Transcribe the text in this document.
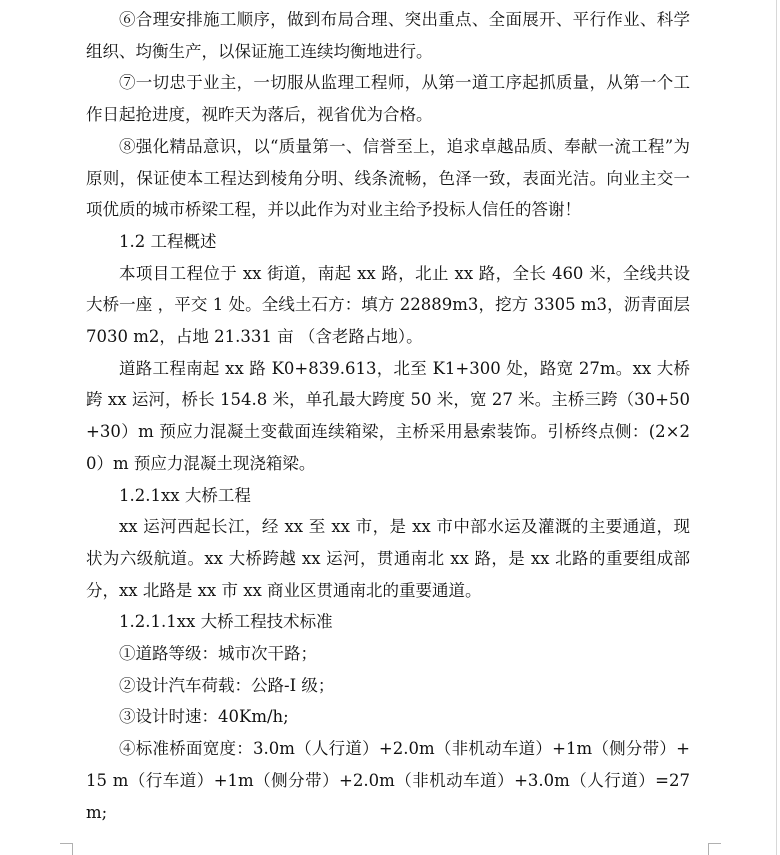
⑥合理安排施工顺序，做到布局合理、突出重点、全面展开、平行作业、科学组织、均衡生产，以保证施工连续均衡地进行。

⑦一切忠于业主，一切服从监理工程师，从第一道工序起抓质量，从第一个工作日起抢进度，视昨天为落后，视省优为合格。

⑧强化精品意识，以“质量第一、信誉至上，追求卓越品质、奉献一流工程”为原则，保证使本工程达到棱角分明、线条流畅，色泽一致，表面光洁。向业主交一项优质的城市桥梁工程，并以此作为对业主给予投标人信任的答谢！

1.2 工程概述

本项目工程位于 xx 街道，南起 xx 路，北止 xx 路，全长 460 米，全线共设大桥一座 ，平交 1 处。全线土石方：填方 22889m3，挖方 3305 m3，沥青面层 7030 m2，占地 21.331 亩 （含老路占地）。

道路工程南起 xx 路 K0+839.613，北至 K1+300 处，路宽 27m。xx 大桥跨 xx 运河，桥长 154.8 米，单孔最大跨度 50 米，宽 27 米。主桥三跨（30+50+30）m 预应力混凝土变截面连续箱梁，主桥采用悬索装饰。引桥终点侧：(2×20）m 预应力混凝土现浇箱梁。

1.2.1xx 大桥工程

xx 运河西起长江，经 xx 至 xx 市，是 xx 市中部水运及灌溉的主要通道，现状为六级航道。xx 大桥跨越 xx 运河，贯通南北 xx 路，是 xx 北路的重要组成部分，xx 北路是 xx 市 xx 商业区贯通南北的重要通道。

1.2.1.1xx 大桥工程技术标准

①道路等级：城市次干路；

②设计汽车荷载：公路-I 级；

③设计时速：40Km/h;

④标准桥面宽度：3.0m（人行道）+2.0m（非机动车道）+1m（侧分带）+15 m（行车道）+1m（侧分带）+2.0m（非机动车道）+3.0m（人行道）=27m;
